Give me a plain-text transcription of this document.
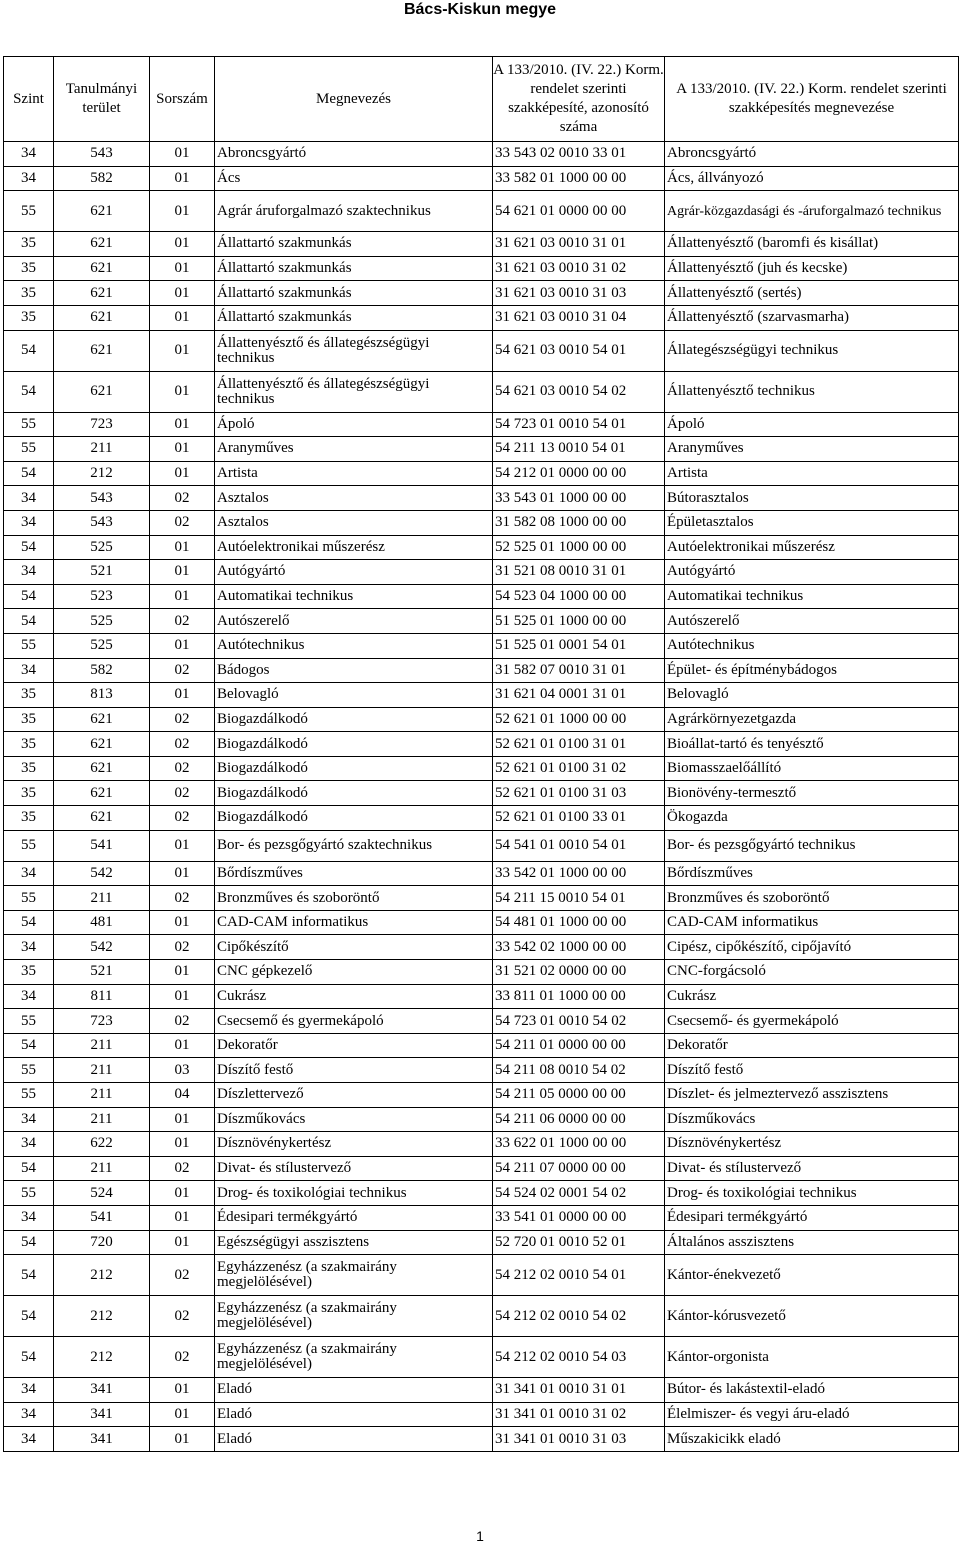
Bács-Kiskun megye
Szint	Tanulmányi terület	Sorszám	Megnevezés	A 133/2010. (IV. 22.) Korm. rendelet szerinti szakképesíté, azonosító száma	A 133/2010. (IV. 22.) Korm. rendelet szerinti szakképesítés megnevezése
34	543	01	Abroncsgyártó	33 543 02 0010 33 01	Abroncsgyártó
34	582	01	Ács	33 582 01 1000 00 00	Ács, állványozó
55	621	01	Agrár áruforgalmazó szaktechnikus	54 621 01 0000 00 00	Agrár-közgazdasági és -áruforgalmazó technikus
35	621	01	Állattartó szakmunkás	31 621 03 0010 31 01	Állattenyésztő (baromfi és kisállat)
35	621	01	Állattartó szakmunkás	31 621 03 0010 31 02	Állattenyésztő (juh és kecske)
35	621	01	Állattartó szakmunkás	31 621 03 0010 31 03	Állattenyésztő (sertés)
35	621	01	Állattartó szakmunkás	31 621 03 0010 31 04	Állattenyésztő (szarvasmarha)
54	621	01	Állattenyésztő és állategészségügyi technikus	54 621 03 0010 54 01	Állategészségügyi technikus
54	621	01	Állattenyésztő és állategészségügyi technikus	54 621 03 0010 54 02	Állattenyésztő technikus
55	723	01	Ápoló	54 723 01 0010 54 01	Ápoló
55	211	01	Aranyműves	54 211 13 0010 54 01	Aranyműves
54	212	01	Artista	54 212 01 0000 00 00	Artista
34	543	02	Asztalos	33 543 01 1000 00 00	Bútorasztalos
34	543	02	Asztalos	31 582 08 1000 00 00	Épületasztalos
54	525	01	Autóelektronikai műszerész	52 525 01 1000 00 00	Autóelektronikai műszerész
34	521	01	Autógyártó	31 521 08 0010 31 01	Autógyártó
54	523	01	Automatikai technikus	54 523 04 1000 00 00	Automatikai technikus
54	525	02	Autószerelő	51 525 01 1000 00 00	Autószerelő
55	525	01	Autótechnikus	51 525 01 0001 54 01	Autótechnikus
34	582	02	Bádogos	31 582 07 0010 31 01	Épület- és építménybádogos
35	813	01	Belovagló	31 621 04 0001 31 01	Belovagló
35	621	02	Biogazdálkodó	52 621 01 1000 00 00	Agrárkörnyezetgazda
35	621	02	Biogazdálkodó	52 621 01 0100 31 01	Bioállat-tartó és tenyésztő
35	621	02	Biogazdálkodó	52 621 01 0100 31 02	Biomasszaelőállító
35	621	02	Biogazdálkodó	52 621 01 0100 31 03	Bionövény-termesztő
35	621	02	Biogazdálkodó	52 621 01 0100 33 01	Ökogazda
55	541	01	Bor- és pezsgőgyártó szaktechnikus	54 541 01 0010 54 01	Bor- és pezsgőgyártó technikus
34	542	01	Bőrdíszműves	33 542 01 1000 00 00	Bőrdíszműves
55	211	02	Bronzműves és szoboröntő	54 211 15 0010 54 01	Bronzműves és szoboröntő
54	481	01	CAD-CAM informatikus	54 481 01 1000 00 00	CAD-CAM informatikus
34	542	02	Cipőkészítő	33 542 02 1000 00 00	Cipész, cipőkészítő, cipőjavító
35	521	01	CNC gépkezelő	31 521 02 0000 00 00	CNC-forgácsoló
34	811	01	Cukrász	33 811 01 1000 00 00	Cukrász
55	723	02	Csecsemő és gyermekápoló	54 723 01 0010 54 02	Csecsemő- és gyermekápoló
54	211	01	Dekoratőr	54 211 01 0000 00 00	Dekoratőr
55	211	03	Díszítő festő	54 211 08 0010 54 02	Díszítő festő
55	211	04	Díszlettervező	54 211 05 0000 00 00	Díszlet- és jelmeztervező asszisztens
34	211	01	Díszműkovács	54 211 06 0000 00 00	Díszműkovács
34	622	01	Dísznövénykertész	33 622 01 1000 00 00	Dísznövénykertész
54	211	02	Divat- és stílustervező	54 211 07 0000 00 00	Divat- és stílustervező
55	524	01	Drog- és toxikológiai technikus	54 524 02 0001 54 02	Drog- és toxikológiai technikus
34	541	01	Édesipari termékgyártó	33 541 01 0000 00 00	Édesipari termékgyártó
54	720	01	Egészségügyi asszisztens	52 720 01 0010 52 01	Általános asszisztens
54	212	02	Egyházzenész (a szakmairány megjelölésével)	54 212 02 0010 54 01	Kántor-énekvezető
54	212	02	Egyházzenész (a szakmairány megjelölésével)	54 212 02 0010 54 02	Kántor-kórusvezető
54	212	02	Egyházzenész (a szakmairány megjelölésével)	54 212 02 0010 54 03	Kántor-orgonista
34	341	01	Eladó	31 341 01 0010 31 01	Bútor- és lakástextil-eladó
34	341	01	Eladó	31 341 01 0010 31 02	Élelmiszer- és vegyi áru-eladó
34	341	01	Eladó	31 341 01 0010 31 03	Műszakicikk eladó
1
